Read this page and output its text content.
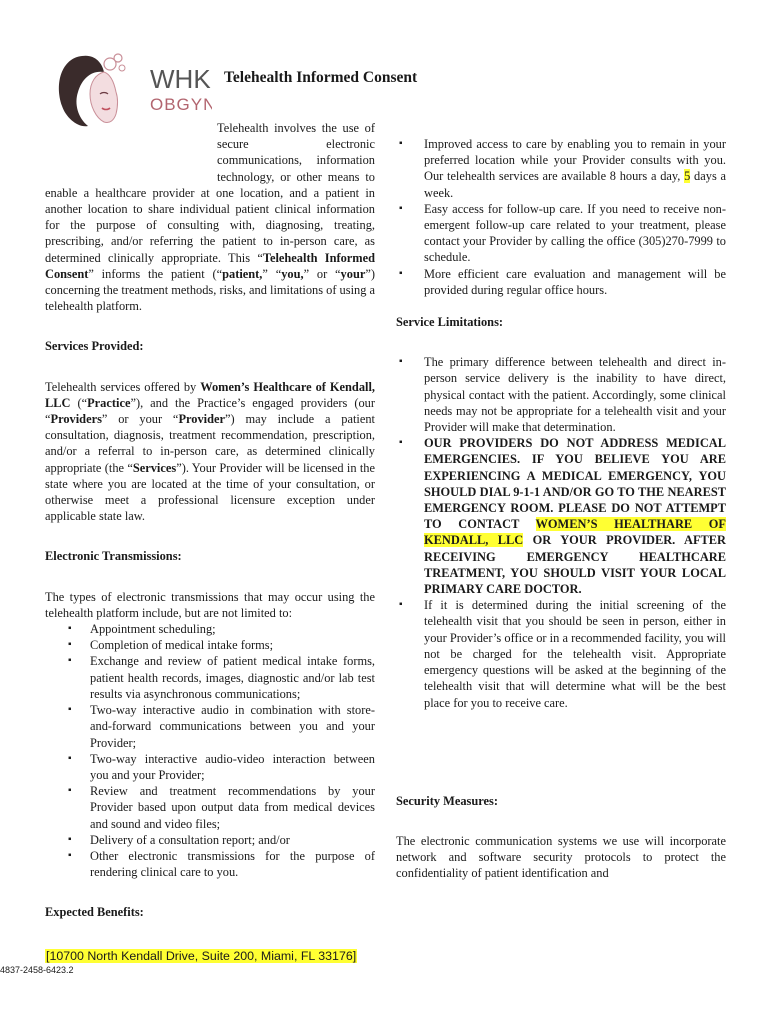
WHK
OBGYN
Telehealth Informed Consent
Telehealth involves the use of secure electronic communications, information technology, or other means to enable a healthcare provider at one location, and a patient in another location to share individual patient clinical information for the purpose of consulting with, diagnosing, treating, prescribing, and/or referring the patient to in-person care, as determined clinically appropriate. This “Telehealth Informed Consent” informs the patient (“patient,” “you,” or “your”) concerning the treatment methods, risks, and limitations of using a telehealth platform.

Services Provided:

Telehealth services offered by Women’s Healthcare of Kendall, LLC (“Practice”), and the Practice’s engaged providers (our “Providers” or your “Provider”) may include a patient consultation, diagnosis, treatment recommendation, prescription, and/or a referral to in-person care, as determined clinically appropriate (the “Services”). Your Provider will be licensed in the state where you are located at the time of your consultation, or otherwise meet a professional licensure exception under applicable state law.

Electronic Transmissions:

The types of electronic transmissions that may occur using the telehealth platform include, but are not limited to:

▪ Appointment scheduling;
▪ Completion of medical intake forms;
▪ Exchange and review of patient medical intake forms, patient health records, images, diagnostic and/or lab test results via asynchronous communications;
▪ Two-way interactive audio in combination with store-and-forward communications between you and your Provider;
▪ Two-way interactive audio-video interaction between you and your Provider;
▪ Review and treatment recommendations by your Provider based upon output data from medical devices and sound and video files;
▪ Delivery of a consultation report; and/or
▪ Other electronic transmissions for the purpose of rendering clinical care to you.

Expected Benefits:

▪ Improved access to care by enabling you to remain in your preferred location while your Provider consults with you. Our telehealth services are available 8 hours a day, 5 days a week.
▪ Easy access for follow-up care. If you need to receive non-emergent follow-up care related to your treatment, please contact your Provider by calling the office (305)270-7999 to schedule.
▪ More efficient care evaluation and management will be provided during regular office hours.

Service Limitations:

▪ The primary difference between telehealth and direct in-person service delivery is the inability to have direct, physical contact with the patient. Accordingly, some clinical needs may not be appropriate for a telehealth visit and your Provider will make that determination.
▪ OUR PROVIDERS DO NOT ADDRESS MEDICAL EMERGENCIES. IF YOU BELIEVE YOU ARE EXPERIENCING A MEDICAL EMERGENCY, YOU SHOULD DIAL 9-1-1 AND/OR GO TO THE NEAREST EMERGENCY ROOM. PLEASE DO NOT ATTEMPT TO CONTACT WOMEN’S HEALTHARE OF KENDALL, LLC OR YOUR PROVIDER. AFTER RECEIVING EMERGENCY HEALTHCARE TREATMENT, YOU SHOULD VISIT YOUR LOCAL PRIMARY CARE DOCTOR.
▪ If it is determined during the initial screening of the telehealth visit that you should be seen in person, either in your Provider’s office or in a recommended facility, you will not be charged for the telehealth visit. Appropriate emergency questions will be asked at the beginning of the telehealth visit that will determine what will be the best place for you to receive care.

Security Measures:

The electronic communication systems we use will incorporate network and software security protocols to protect the confidentiality of patient identification and

[10700 North Kendall Drive, Suite 200, Miami, FL 33176]
4837-2458-6423.2
